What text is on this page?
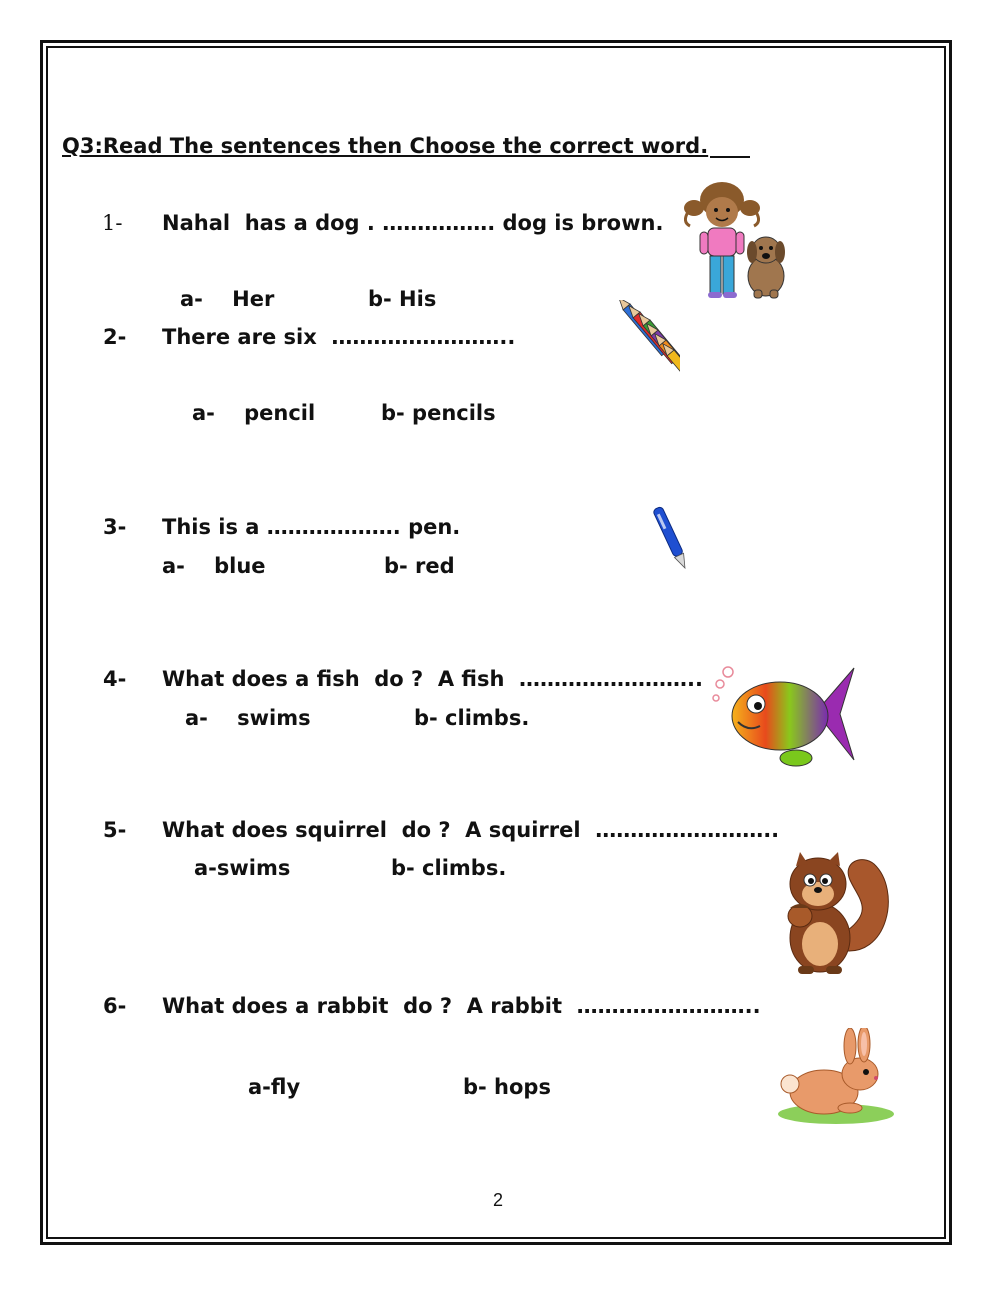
Q3:Read The sentences then Choose the correct word.
1- Nahal  has a dog . ……………. dog is brown.
a-    Her	b- His
2- There are six  ……………………..
a-    pencil	b- pencils
3- This is a ………………. pen.
a-    blue	b- red
4- What does a fish  do ?  A fish  ……………………..
a-    swims	b- climbs.
5- What does squirrel  do ?  A squirrel  ……………………..
a-swims	b- climbs.
6- What does a rabbit  do ?  A rabbit  ……………………..
a-fly	b- hops
2
